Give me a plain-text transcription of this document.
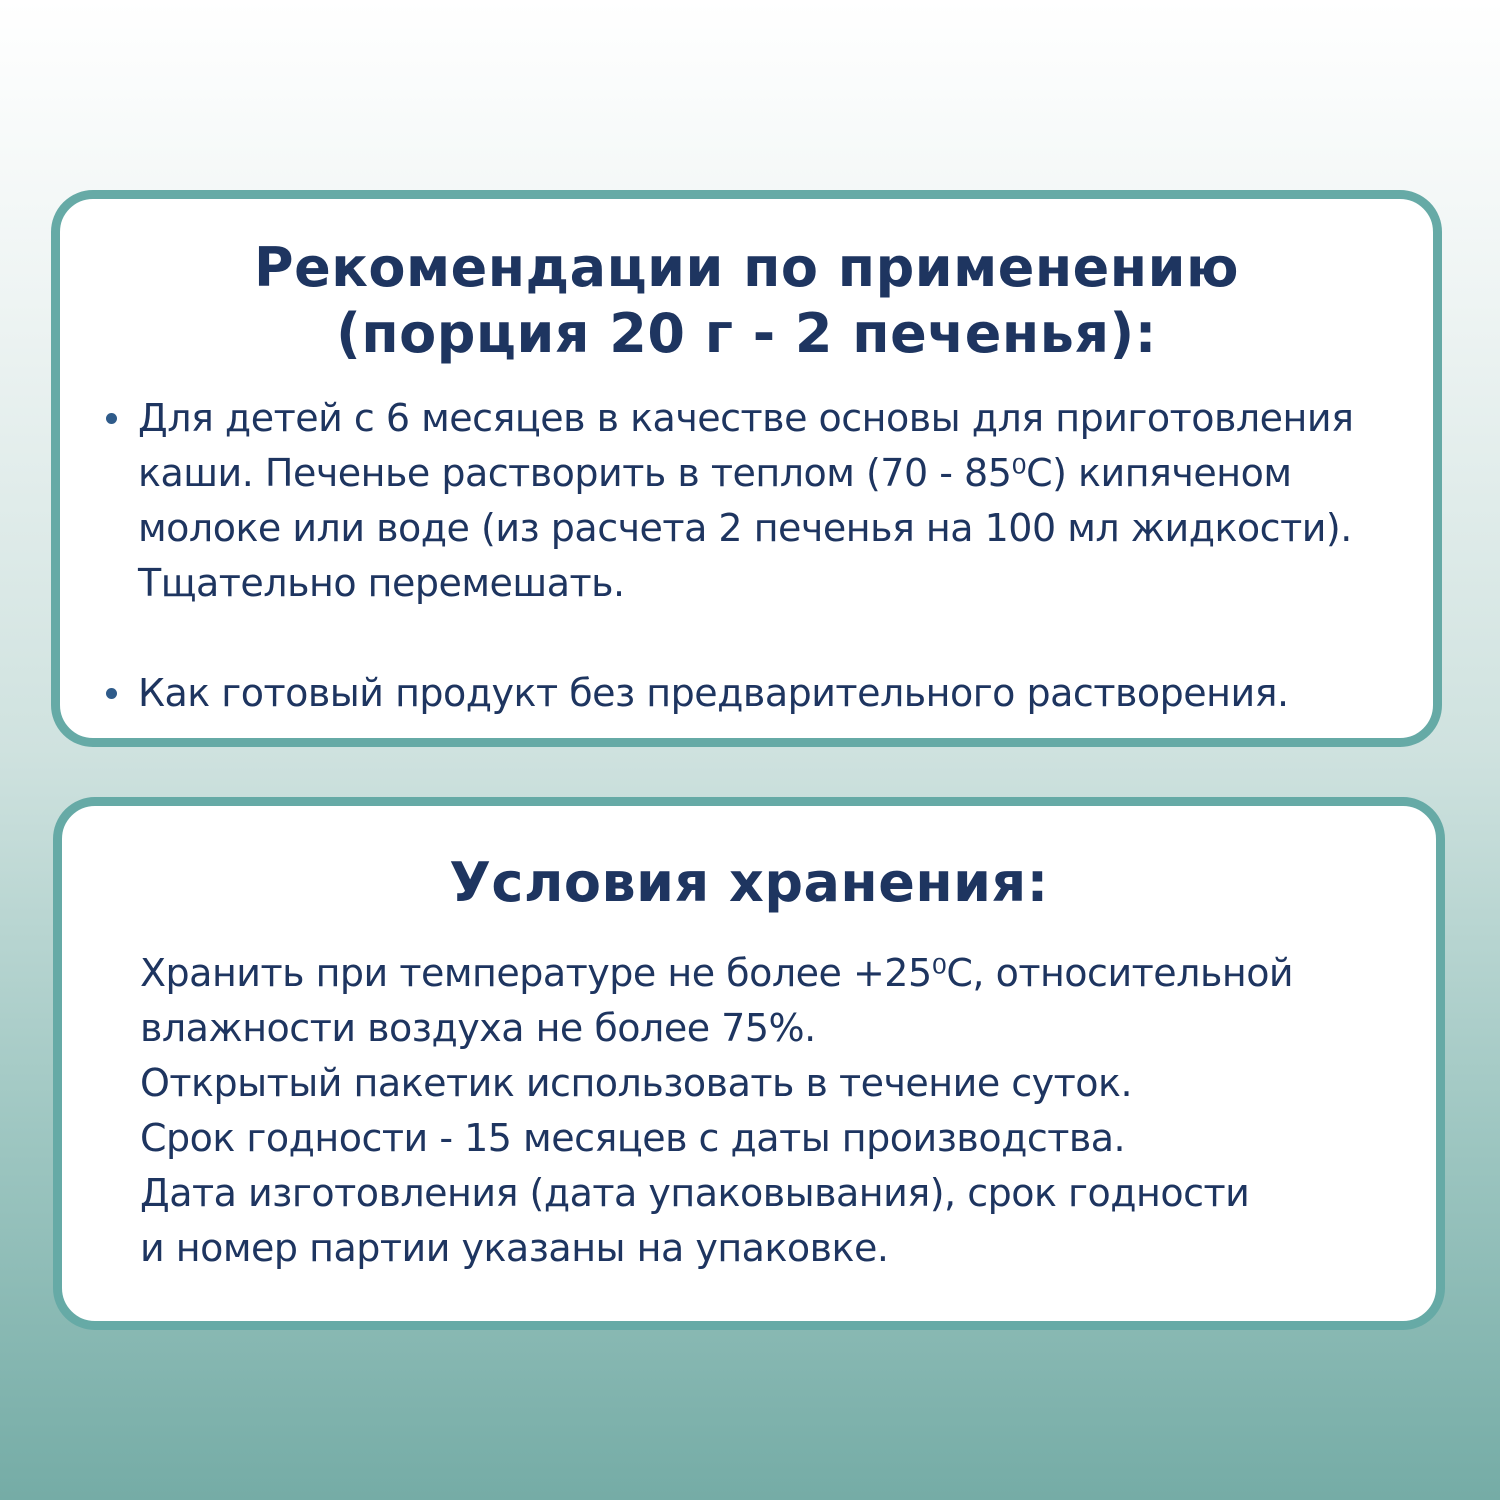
Рекомендации по применению
(порция 20 г - 2 печенья):
Для детей с 6 месяцев в качестве основы для приготовления каши. Печенье растворить в теплом (70 - 85⁰С) кипяченом молоке или воде (из расчета 2 печенья на 100 мл жидкости). Тщательно перемешать.
Как готовый продукт без предварительного растворения.
Условия хранения:
Хранить при температуре не более +25⁰С, относительной
влажности воздуха не более 75%.
Открытый пакетик использовать в течение суток.
Срок годности - 15 месяцев с даты производства.
Дата изготовления (дата упаковывания), срок годности
и номер партии указаны на упаковке.
